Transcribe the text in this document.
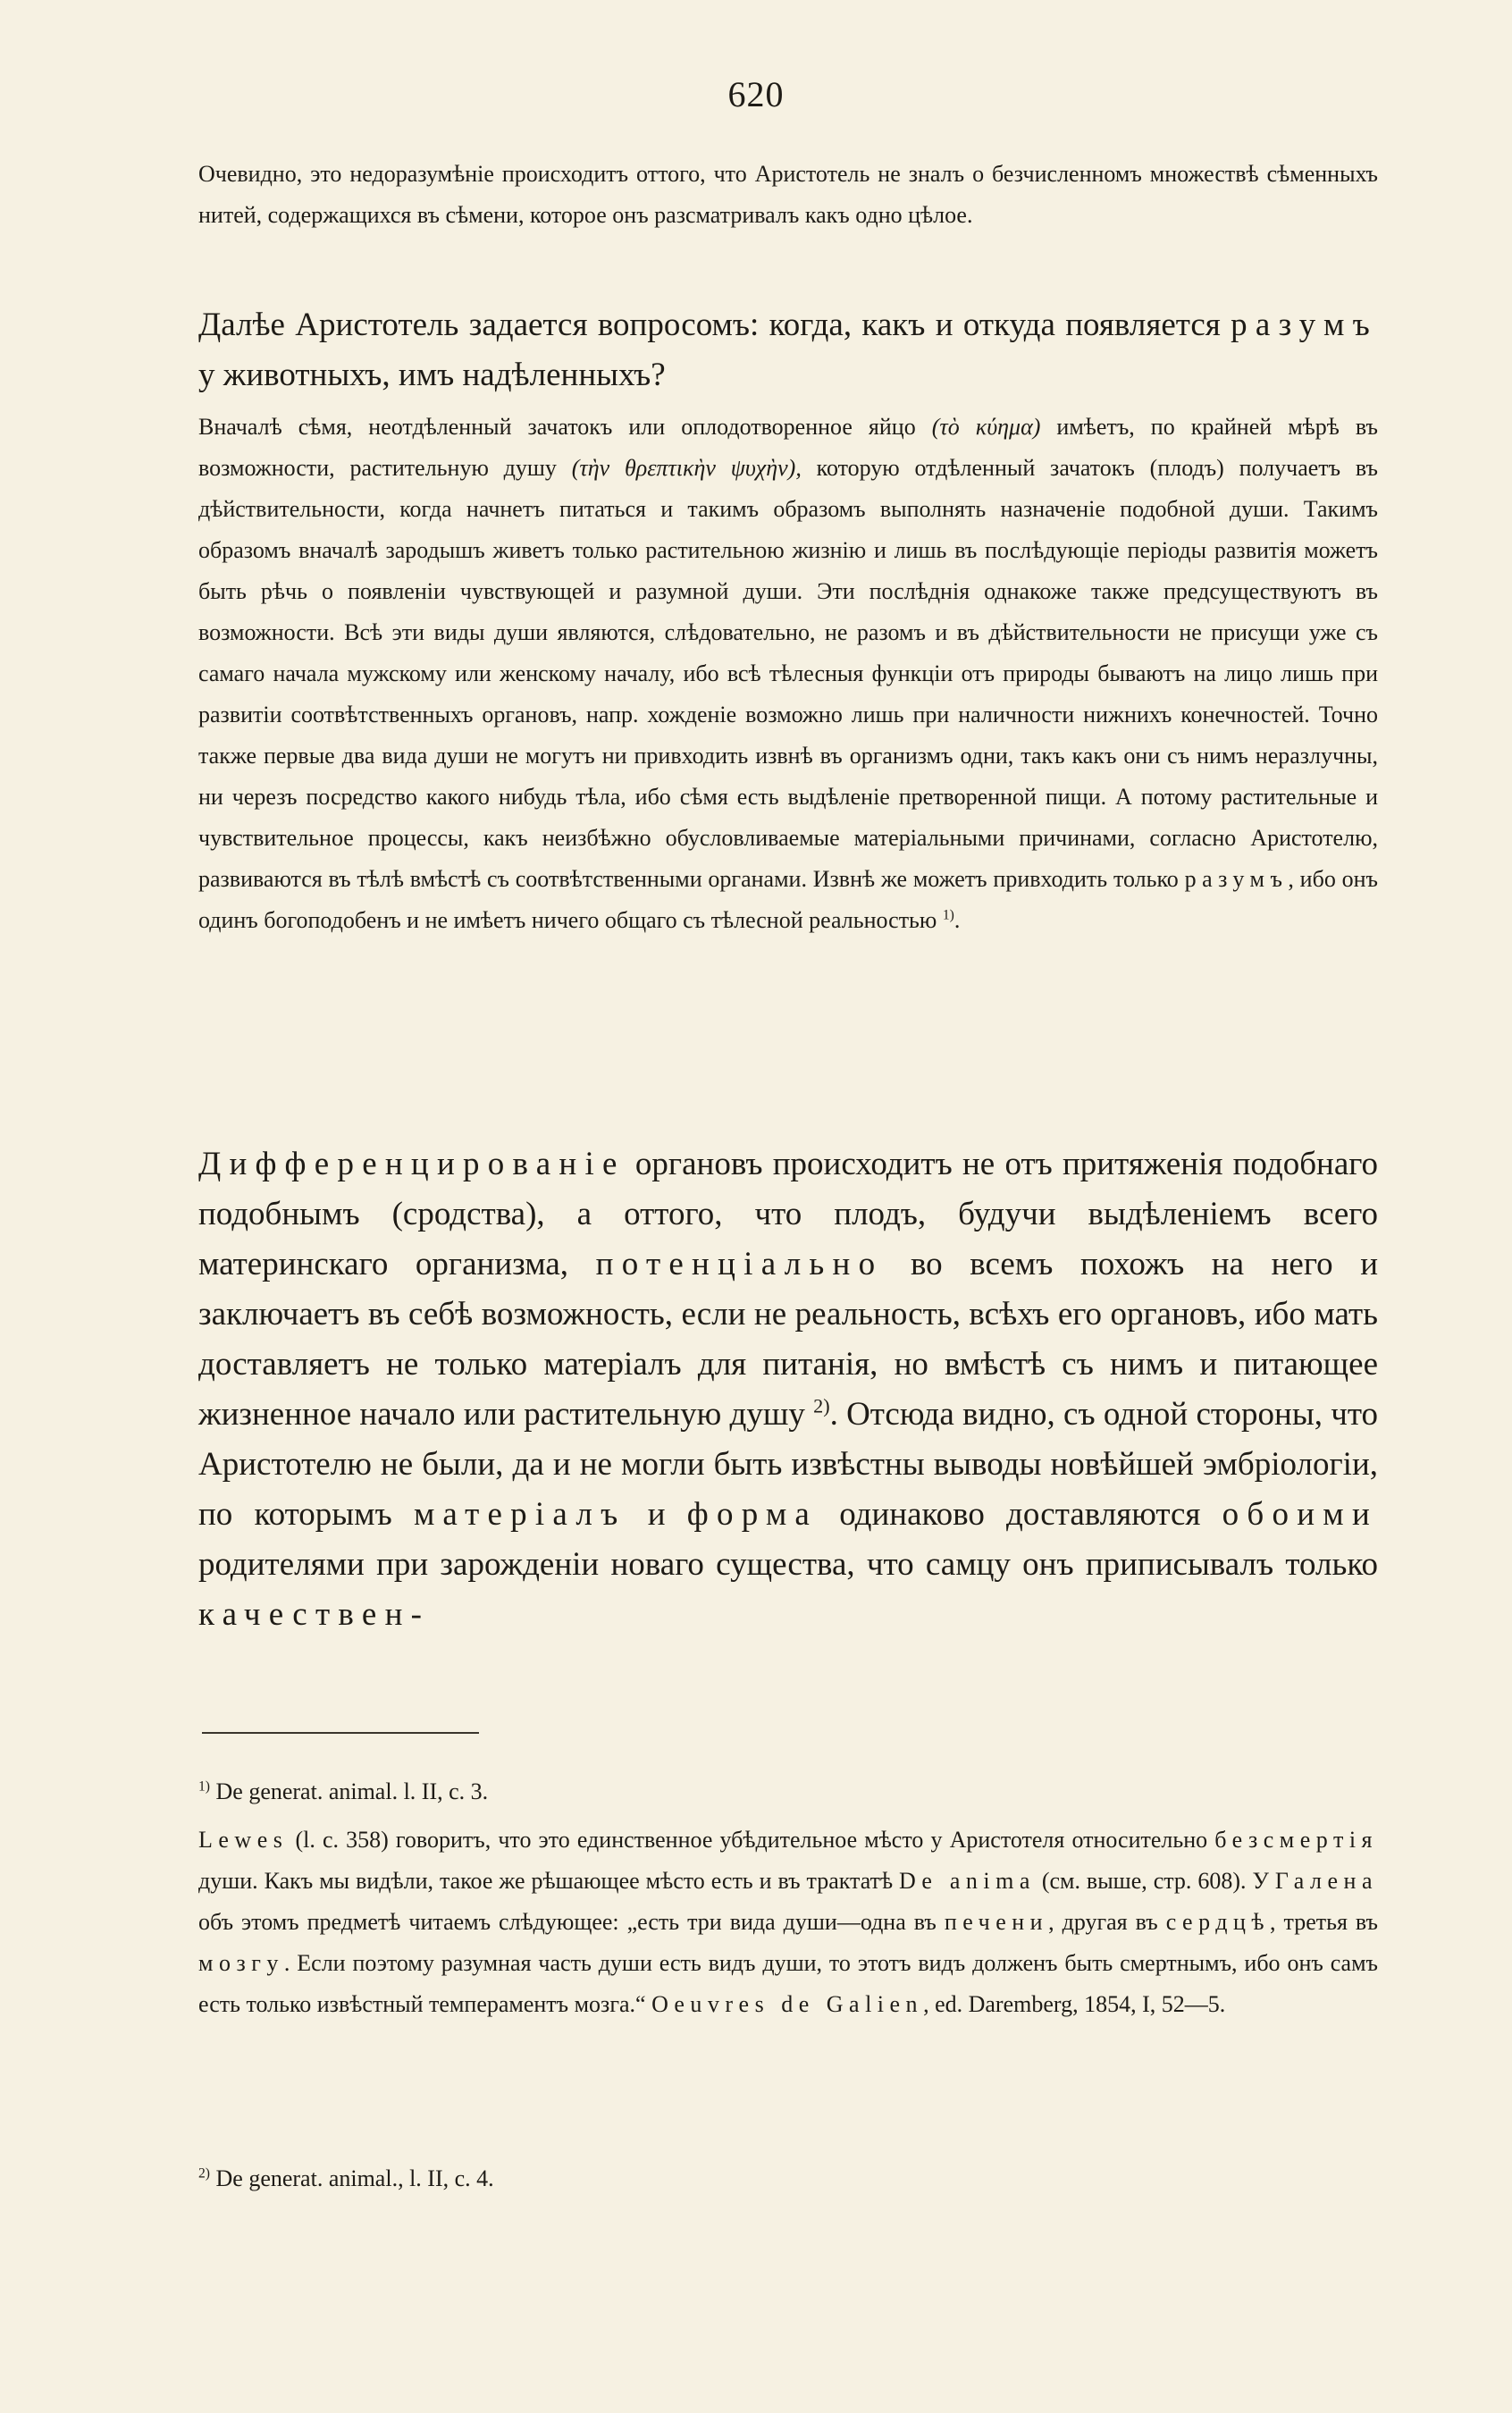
620

Очевидно, это недоразумѣніе происходитъ оттого, что Аристотель не зналъ о безчисленномъ множествѣ сѣменныхъ нитей, содержащихся въ сѣмени, которое онъ разсматривалъ какъ одно цѣлое.

Далѣе Аристотель задается вопросомъ: когда, какъ и откуда появляется разумъ у животныхъ, имъ надѣленныхъ?

Вначалѣ сѣмя, неотдѣленный зачатокъ или оплодотворенное яйцо (τὸ κύημα) имѣетъ, по крайней мѣрѣ въ возможности, растительную душу (τὴν θρεπτικὴν ψυχὴν), которую отдѣленный зачатокъ (плодъ) получаетъ въ дѣйствительности, когда начнетъ питаться и такимъ образомъ выполнять назначеніе подобной души. Такимъ образомъ вначалѣ зародышъ живетъ только растительною жизнію и лишь въ послѣдующіе періоды развитія можетъ быть рѣчь о появленіи чувствующей и разумной души. Эти послѣднія однакоже также предсуществуютъ въ возможности. Всѣ эти виды души являются, слѣдовательно, не разомъ и въ дѣйствительности не присущи уже съ самаго начала мужскому или женскому началу, ибо всѣ тѣлесныя функціи отъ природы бываютъ на лицо лишь при развитіи соотвѣтственныхъ органовъ, напр. хожденіе возможно лишь при наличности нижнихъ конечностей. Точно также первые два вида души не могутъ ни привходить извнѣ въ организмъ одни, такъ какъ они съ нимъ неразлучны, ни черезъ посредство какого нибудь тѣла, ибо сѣмя есть выдѣленіе претворенной пищи. А потому растительные и чувствительное процессы, какъ неизбѣжно обусловливаемые матеріальными причинами, согласно Аристотелю, развиваются въ тѣлѣ вмѣстѣ съ соотвѣтственными органами. Извнѣ же можетъ привходить только разумъ, ибо онъ одинъ богоподобенъ и не имѣетъ ничего общаго съ тѣлесной реальностью $^{1)}$.

Дифференцированіе органовъ происходитъ не отъ притяженія подобнаго подобнымъ (сродства), а оттого, что плодъ, будучи выдѣленіемъ всего материнскаго организма, потенціально во всемъ похожъ на него и заключаетъ въ себѣ возможность, если не реальность, всѣхъ его органовъ, ибо мать доставляетъ не только матеріалъ для питанія, но вмѣстѣ съ нимъ и питающее жизненное начало или растительную душу $^{2)}$. Отсюда видно, съ одной стороны, что Аристотелю не были, да и не могли быть извѣстны выводы новѣйшей эмбріологіи, по которымъ матеріалъ и форма одинаково доставляются обоими родителями при зарожденіи новаго существа, что самцу онъ приписывалъ только качествен-

$^{1)}$ De generat. animal. l. II, c. 3.

Lewes (l. c. 358) говоритъ, что это единственное убѣдительное мѣсто у Аристотеля относительно безсмертія души. Какъ мы видѣли, такое же рѣшающее мѣсто есть и въ трактатѣ De anima (см. выше, стр. 608). У Галена объ этомъ предметѣ читаемъ слѣдующее: „есть три вида души—одна въ печени, другая въ сердцѣ, третья въ мозгу. Если поэтому разумная часть души есть видъ души, то этотъ видъ долженъ быть смертнымъ, ибо онъ самъ есть только извѣстный темпераментъ мозга.“ Oeuvres de Galien, ed. Daremberg, 1854, I, 52—5.

$^{2)}$ De generat. animal., l. II, c. 4.
